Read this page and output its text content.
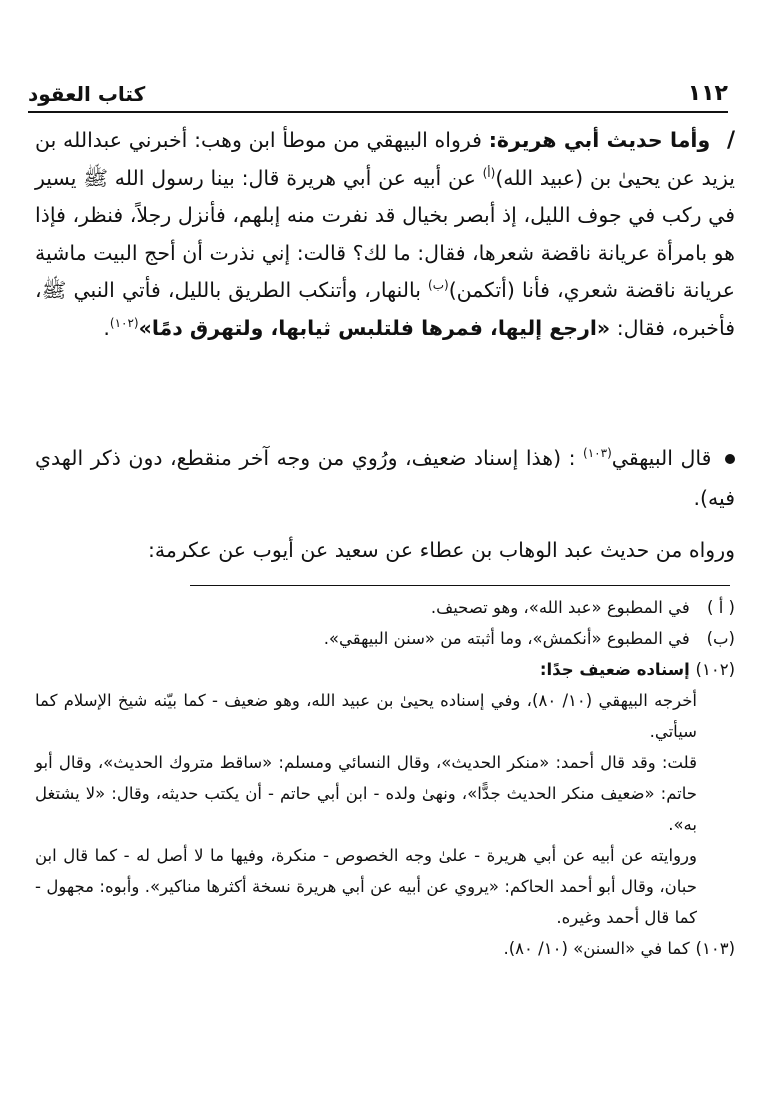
١١٢
كتاب العقود

/ وأما حديث أبي هريرة: فرواه البيهقي من موطأ ابن وهب: أخبرني عبدالله بن يزيد عن يحيىٰ بن (عبيد الله)$^{(أ)}$ عن أبيه عن أبي هريرة قال: بينا رسول الله ﷺ يسير في ركب في جوف الليل، إذ أبصر بخيال قد نفرت منه إبلهم، فأنزل رجلاً، فنظر، فإذا هو بامرأة عريانة ناقضة شعرها، فقال: ما لك؟ قالت: إني نذرت أن أحج البيت ماشية عريانة ناقضة شعري، فأنا (أتكمن)$^{(ب)}$ بالنهار، وأتنكب الطريق بالليل، فأتي النبي ﷺ، فأخبره، فقال: «ارجع إليها، فمرها فلتلبس ثيابها، ولتهرق دمًا»$^{(١٠٢)}$.

قال البيهقي$^{(١٠٣)}$ : (هذا إسناد ضعيف، ورُوي من وجه آخر منقطع، دون ذكر الهدي فيه).

ورواه من حديث عبد الوهاب بن عطاء عن سعيد عن أيوب عن عكرمة:

( أ ) في المطبوع «عبد الله»، وهو تصحيف.

(ب) في المطبوع «أنكمش»، وما أثبته من «سنن البيهقي».

(١٠٢) إسناده ضعيف جدًا:

أخرجه البيهقي (١٠/ ٨٠)، وفي إسناده يحيىٰ بن عبيد الله، وهو ضعيف - كما بيّنه شيخ الإسلام كما سيأتي.

قلت: وقد قال أحمد: «منكر الحديث»، وقال النسائي ومسلم: «ساقط متروك الحديث»، وقال أبو حاتم: «ضعيف منكر الحديث جدًّا»، ونهىٰ ولده - ابن أبي حاتم - أن يكتب حديثه، وقال: «لا يشتغل به».

وروايته عن أبيه عن أبي هريرة - علىٰ وجه الخصوص - منكرة، وفيها ما لا أصل له - كما قال ابن حبان، وقال أبو أحمد الحاكم: «يروي عن أبيه عن أبي هريرة نسخة أكثرها مناكير». وأبوه: مجهول - كما قال أحمد وغيره.

(١٠٣) كما في «السنن» (١٠/ ٨٠).
